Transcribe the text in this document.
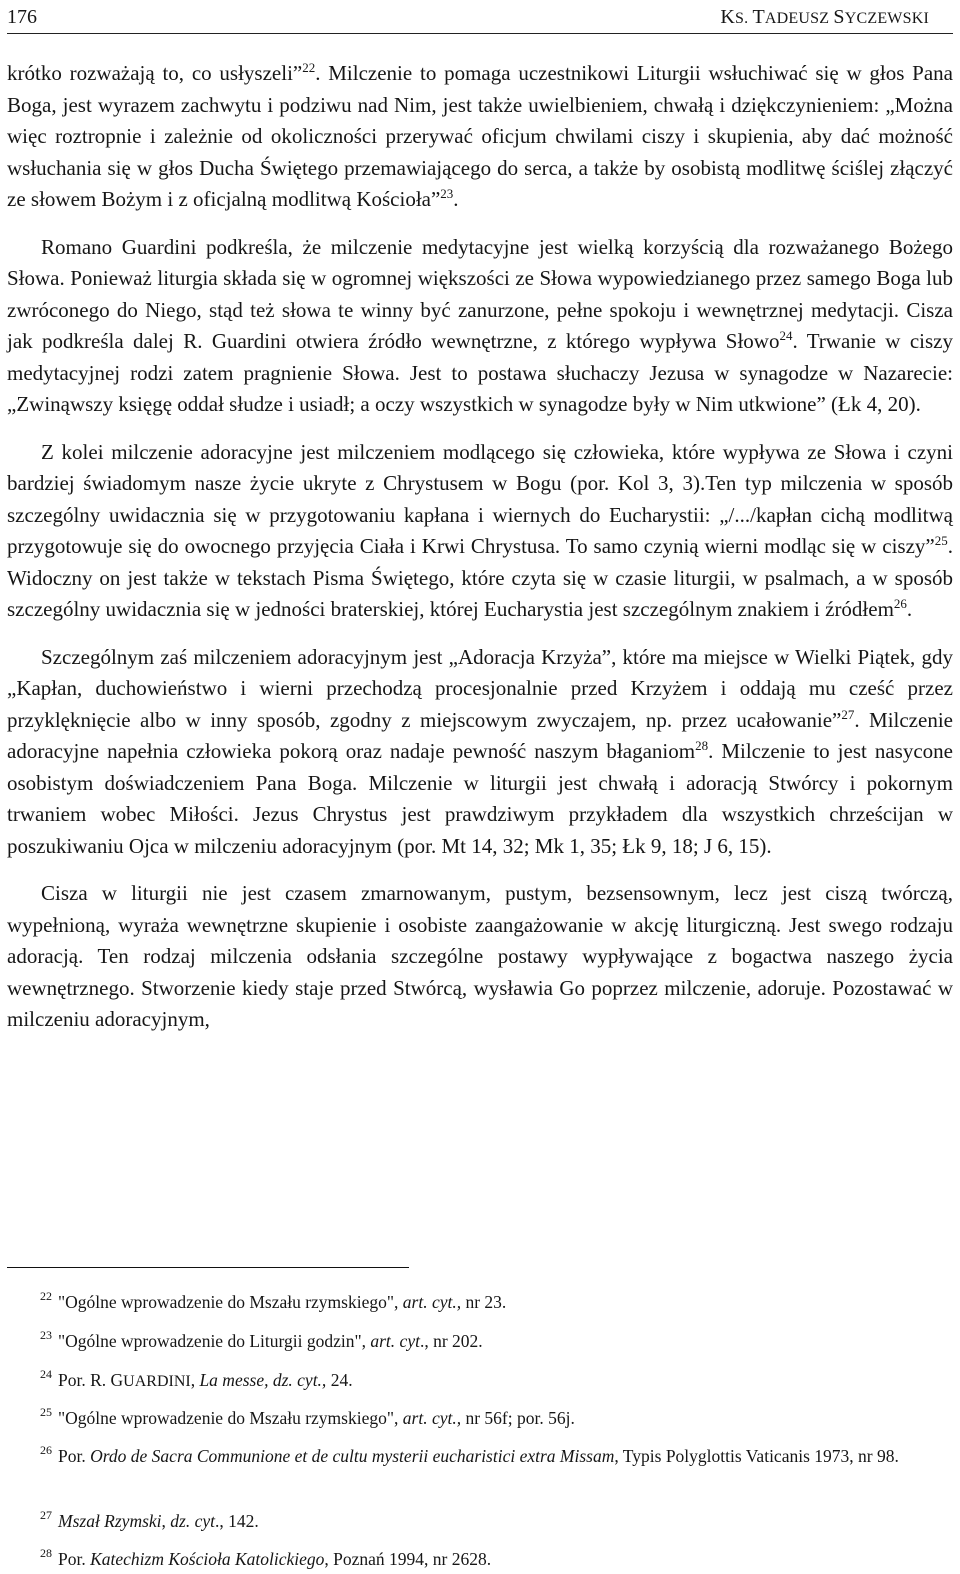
176	KS. TADEUSZ SYCZEWSKI

krótko rozważają to, co usłyszeli”$^{22}$. Milczenie to pomaga uczestnikowi Liturgii wsłuchiwać się w głos Pana Boga, jest wyrazem zachwytu i podziwu nad Nim, jest także uwielbieniem, chwałą i dziękczynieniem: „Można więc roztropnie i zależnie od okoliczności przerywać oficjum chwilami ciszy i skupienia, aby dać możność wsłuchania się w głos Ducha Świętego przemawiającego do serca, a także by osobistą modlitwę ściślej złączyć ze słowem Bożym i z oficjalną modlitwą Kościoła”$^{23}$.

Romano Guardini podkreśla, że milczenie medytacyjne jest wielką korzyścią dla rozważanego Bożego Słowa. Ponieważ liturgia składa się w ogromnej większości ze Słowa wypowiedzianego przez samego Boga lub zwróconego do Niego, stąd też słowa te winny być zanurzone, pełne spokoju i wewnętrznej medytacji. Cisza jak podkreśla dalej R. Guardini otwiera źródło wewnętrzne, z którego wypływa Słowo$^{24}$. Trwanie w ciszy medytacyjnej rodzi zatem pragnienie Słowa. Jest to postawa słuchaczy Jezusa w synagodze w Nazarecie: „Zwinąwszy księgę oddał słudze i usiadł; a oczy wszystkich w synagodze były w Nim utkwione” (Łk 4, 20).

Z kolei milczenie adoracyjne jest milczeniem modlącego się człowieka, które wypływa ze Słowa i czyni bardziej świadomym nasze życie ukryte z Chrystusem w Bogu (por. Kol 3, 3).Ten typ milczenia w sposób szczególny uwidacznia się w przygotowaniu kapłana i wiernych do Eucharystii: „/.../kapłan cichą modlitwą przygotowuje się do owocnego przyjęcia Ciała i Krwi Chrystusa. To samo czynią wierni modląc się w ciszy”$^{25}$. Widoczny on jest także w tekstach Pisma Świętego, które czyta się w czasie liturgii, w psalmach, a w sposób szczególny uwidacznia się w jedności braterskiej, której Eucharystia jest szczególnym znakiem i źródłem$^{26}$.

Szczególnym zaś milczeniem adoracyjnym jest „Adoracja Krzyża”, które ma miejsce w Wielki Piątek, gdy „Kapłan, duchowieństwo i wierni przechodzą procesjonalnie przed Krzyżem i oddają mu cześć przez przyklęknięcie albo w inny sposób, zgodny z miejscowym zwyczajem, np. przez ucałowanie”$^{27}$. Milczenie adoracyjne napełnia człowieka pokorą oraz nadaje pewność naszym błaganiom$^{28}$. Milczenie to jest nasycone osobistym doświadczeniem Pana Boga. Milczenie w liturgii jest chwałą i adoracją Stwórcy i pokornym trwaniem wobec Miłości. Jezus Chrystus jest prawdziwym przykładem dla wszystkich chrześcijan w poszukiwaniu Ojca w milczeniu adoracyjnym (por. Mt 14, 32; Mk 1, 35; Łk 9, 18; J 6, 15).

Cisza w liturgii nie jest czasem zmarnowanym, pustym, bezsensownym, lecz jest ciszą twórczą, wypełnioną, wyraża wewnętrzne skupienie i osobiste zaangażowanie w akcję liturgiczną. Jest swego rodzaju adoracją. Ten rodzaj milczenia odsłania szczególne postawy wypływające z bogactwa naszego życia wewnętrznego. Stworzenie kiedy staje przed Stwórcą, wysławia Go poprzez milczenie, adoruje. Pozostawać w milczeniu adoracyjnym,

$^{22}$ "Ogólne wprowadzenie do Mszału rzymskiego", art. cyt., nr 23.
$^{23}$ "Ogólne wprowadzenie do Liturgii godzin", art. cyt., nr 202.
$^{24}$ Por. R. GUARDINI, La messe, dz. cyt., 24.
$^{25}$ "Ogólne wprowadzenie do Mszału rzymskiego", art. cyt., nr 56f; por. 56j.
$^{26}$ Por. Ordo de Sacra Communione et de cultu mysterii eucharistici extra Missam, Typis Polyglottis Vaticanis 1973, nr 98.
$^{27}$ Mszał Rzymski, dz. cyt., 142.
$^{28}$ Por. Katechizm Kościoła Katolickiego, Poznań 1994, nr 2628.
